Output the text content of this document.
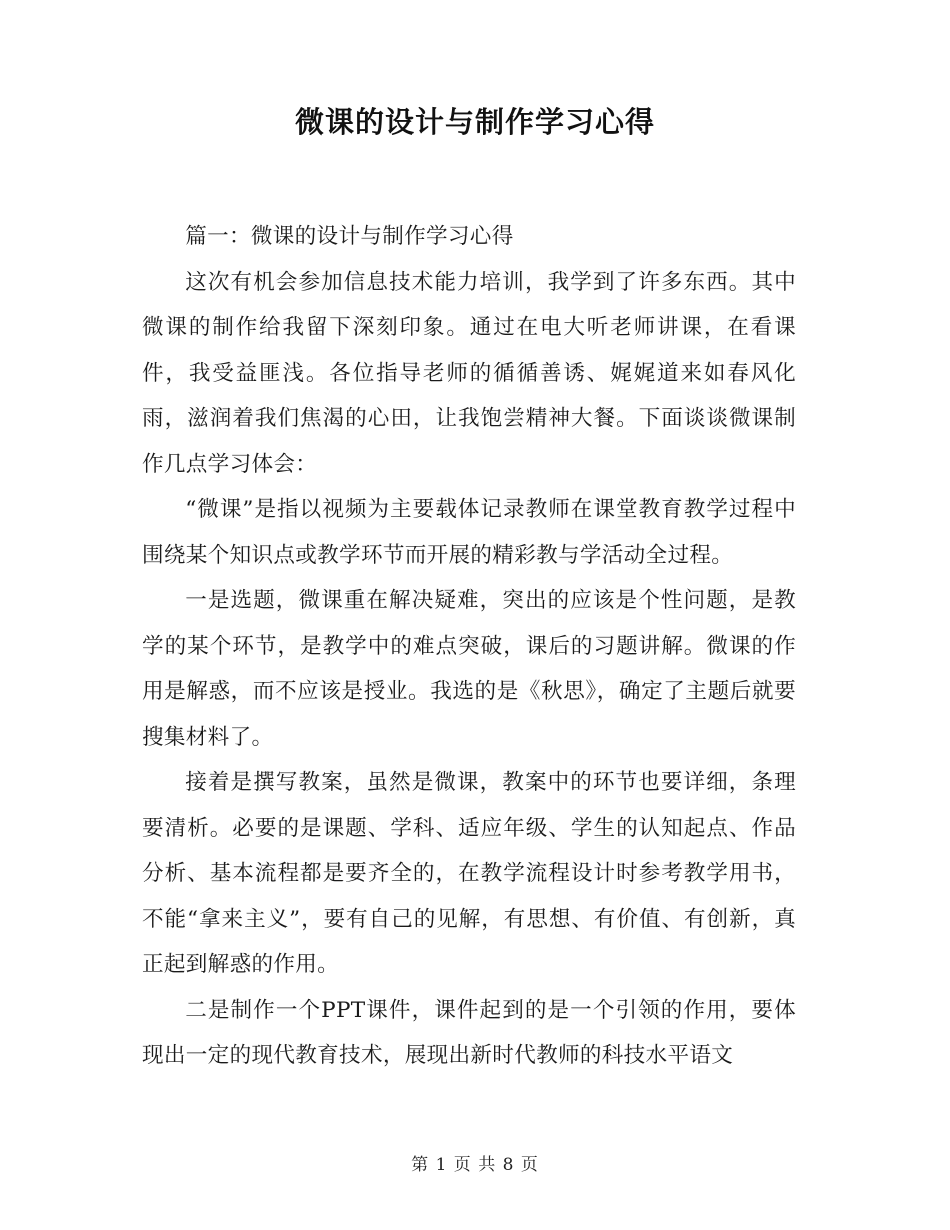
微课的设计与制作学习心得

篇一：微课的设计与制作学习心得

这次有机会参加信息技术能力培训，我学到了许多东西。其中微课的制作给我留下深刻印象。通过在电大听老师讲课，在看课件，我受益匪浅。各位指导老师的循循善诱、娓娓道来如春风化雨，滋润着我们焦渴的心田，让我饱尝精神大餐。下面谈谈微课制作几点学习体会：

“微课”是指以视频为主要载体记录教师在课堂教育教学过程中围绕某个知识点或教学环节而开展的精彩教与学活动全过程。

一是选题，微课重在解决疑难，突出的应该是个性问题，是教学的某个环节，是教学中的难点突破，课后的习题讲解。微课的作用是解惑，而不应该是授业。我选的是《秋思》，确定了主题后就要搜集材料了。

接着是撰写教案，虽然是微课，教案中的环节也要详细，条理要清析。必要的是课题、学科、适应年级、学生的认知起点、作品分析、基本流程都是要齐全的，在教学流程设计时参考教学用书，不能“拿来主义”，要有自己的见解，有思想、有价值、有创新，真正起到解惑的作用。

二是制作一个PPT课件，课件起到的是一个引领的作用，要体现出一定的现代教育技术，展现出新时代教师的科技水平语文

第 1 页 共 8 页
